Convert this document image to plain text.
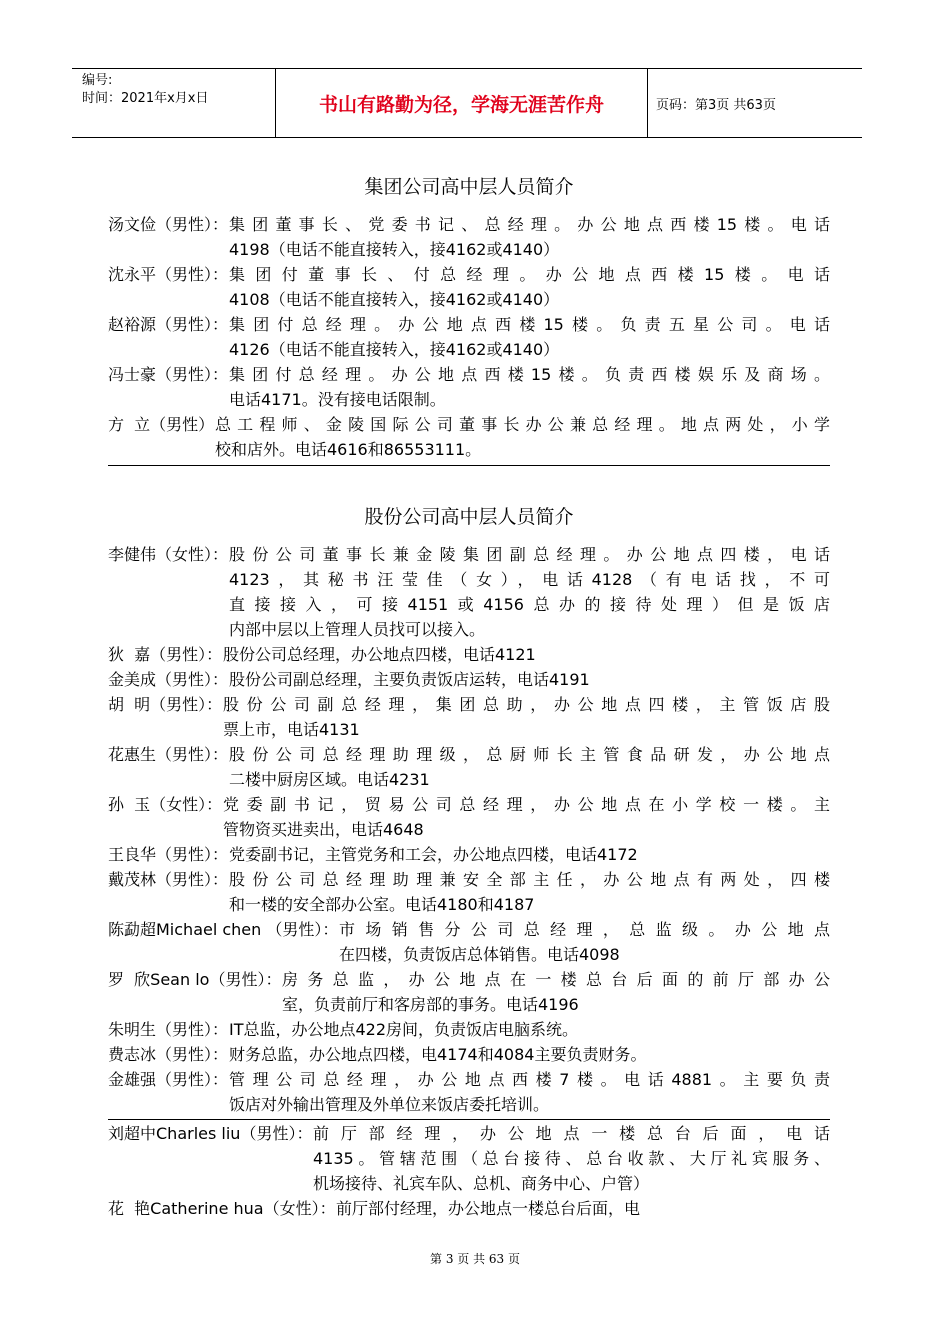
编号:
时间：2021年x月x日	书山有路勤为径，学海无涯苦作舟	页码：第3页 共63页
集团公司高中层人员简介
汤文俭（男性）： 集团董事长、党委书记、总经理。办公地点西楼15楼。电话
4198（电话不能直接转入，接4162或4140）
沈永平（男性）： 集团付董事长、付总经理。办公地点西楼15楼。电话
4108（电话不能直接转入，接4162或4140）
赵裕源（男性）： 集团付总经理。办公地点西楼15楼。负责五星公司。电话
4126（电话不能直接转入，接4162或4140）
冯士豪（男性）： 集团付总经理。办公地点西楼15楼。负责西楼娱乐及商场。
电话4171。没有接电话限制。
方  立（男性） 总工程师、金陵国际公司董事长办公兼总经理。地点两处，小学
校和店外。电话4616和86553111。
股份公司高中层人员简介
李健伟（女性）： 股份公司董事长兼金陵集团副总经理。办公地点四楼，电话
4123，其秘书汪莹佳（女），电话4128（有电话找，不可
直接接入，可接4151或4156总办的接待处理）但是饭店
内部中层以上管理人员找可以接入。
狄  嘉（男性）： 股份公司总经理，办公地点四楼，电话4121
金美成（男性）： 股份公司副总经理，主要负责饭店运转，电话4191
胡  明（男性）： 股份公司副总经理，集团总助，办公地点四楼，主管饭店股
票上市，电话4131
花惠生（男性）： 股份公司总经理助理级，总厨师长主管食品研发，办公地点
二楼中厨房区域。电话4231
孙  玉（女性）： 党委副书记，贸易公司总经理，办公地点在小学校一楼。主
管物资买进卖出，电话4648
王良华（男性）： 党委副书记，主管党务和工会，办公地点四楼，电话4172
戴茂林（男性）： 股份公司总经理助理兼安全部主任，办公地点有两处，四楼
和一楼的安全部办公室。电话4180和4187
陈勐超Michael chen （男性）： 市场销售分公司总经理，总监级。办公地点
在四楼，负责饭店总体销售。电话4098
罗  欣Sean lo（男性）： 房务总监，办公地点在一楼总台后面的前厅部办公
室，负责前厅和客房部的事务。电话4196
朱明生（男性）： IT总监，办公地点422房间，负责饭店电脑系统。
费志冰（男性）： 财务总监，办公地点四楼，电4174和4084主要负责财务。
金雄强（男性）： 管理公司总经理，办公地点西楼7楼。电话4881。主要负责
饭店对外输出管理及外单位来饭店委托培训。
刘超中Charles liu（男性）： 前厅部经理，办公地点一楼总台后面，电话
4135。管辖范围（总台接待、总台收款、大厅礼宾服务、
机场接待、礼宾车队、总机、商务中心、户管）
花  艳Catherine hua（女性）： 前厅部付经理，办公地点一楼总台后面，电
第 3 页 共 63 页
